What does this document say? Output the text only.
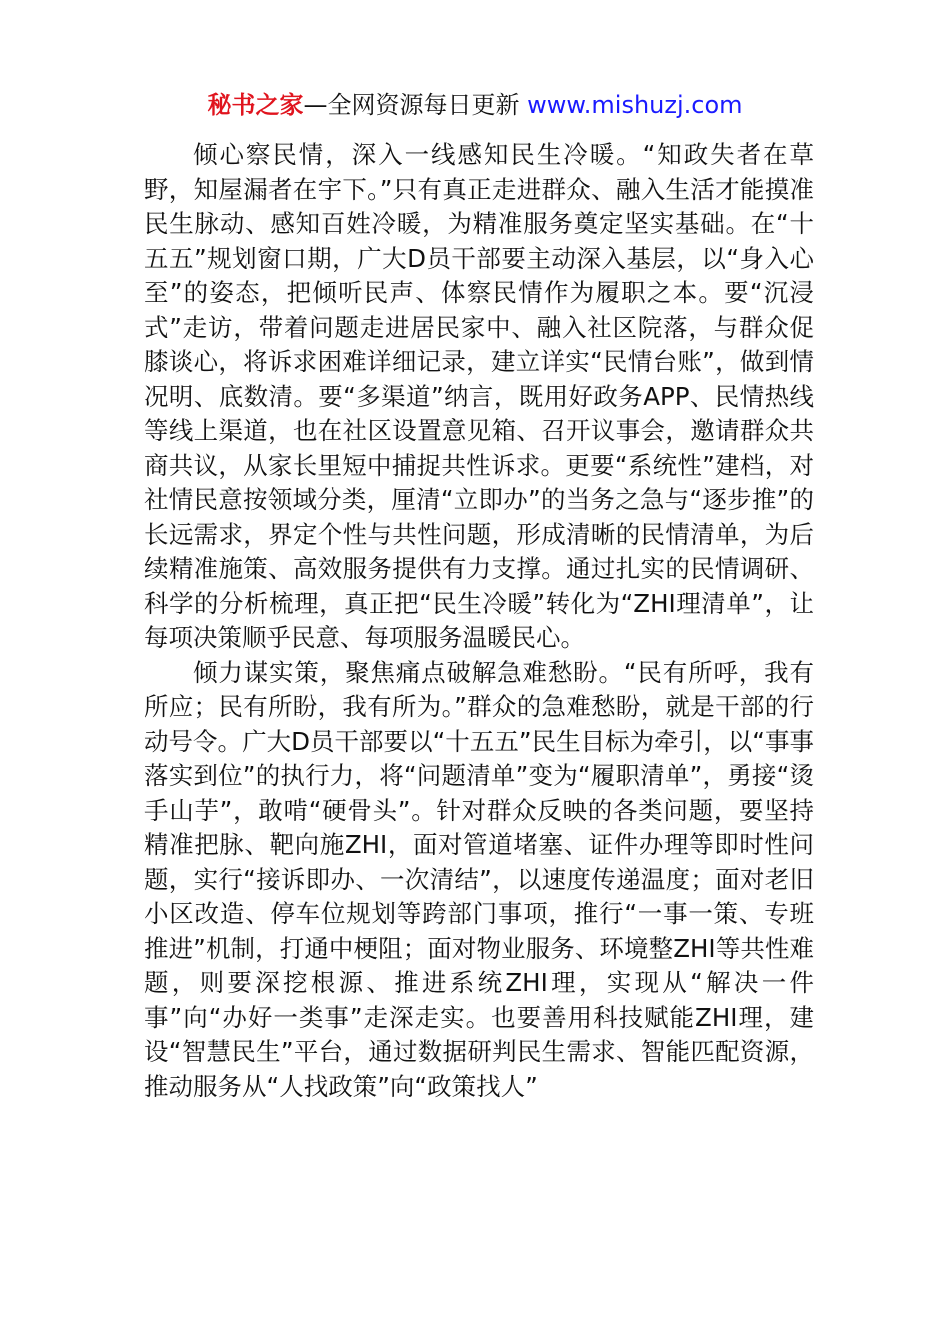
秘书之家—全网资源每日更新 www.mishuzj.com

倾心察民情，深入一线感知民生冷暖。“知政失者在草野，知屋漏者在宇下。”只有真正走进群众、融入生活才能摸准民生脉动、感知百姓冷暖，为精准服务奠定坚实基础。在“十五五”规划窗口期，广大D员干部要主动深入基层，以“身入心至”的姿态，把倾听民声、体察民情作为履职之本。要“沉浸式”走访，带着问题走进居民家中、融入社区院落，与群众促膝谈心，将诉求困难详细记录，建立详实“民情台账”，做到情况明、底数清。要“多渠道”纳言，既用好政务APP、民情热线等线上渠道，也在社区设置意见箱、召开议事会，邀请群众共商共议，从家长里短中捕捉共性诉求。更要“系统性”建档，对社情民意按领域分类，厘清“立即办”的当务之急与“逐步推”的长远需求，界定个性与共性问题，形成清晰的民情清单，为后续精准施策、高效服务提供有力支撑。通过扎实的民情调研、科学的分析梳理，真正把“民生冷暖”转化为“ZHI理清单”，让每项决策顺乎民意、每项服务温暖民心。

倾力谋实策，聚焦痛点破解急难愁盼。“民有所呼，我有所应；民有所盼，我有所为。”群众的急难愁盼，就是干部的行动号令。广大D员干部要以“十五五”民生目标为牵引，以“事事落实到位”的执行力，将“问题清单”变为“履职清单”，勇接“烫手山芋”，敢啃“硬骨头”。针对群众反映的各类问题，要坚持精准把脉、靶向施ZHI，面对管道堵塞、证件办理等即时性问题，实行“接诉即办、一次清结”，以速度传递温度；面对老旧小区改造、停车位规划等跨部门事项，推行“一事一策、专班推进”机制，打通中梗阻；面对物业服务、环境整ZHI等共性难题，则要深挖根源、推进系统ZHI理，实现从“解决一件事”向“办好一类事”走深走实。也要善用科技赋能ZHI理，建设“智慧民生”平台，通过数据研判民生需求、智能匹配资源，推动服务从“人找政策”向“政策找人”
